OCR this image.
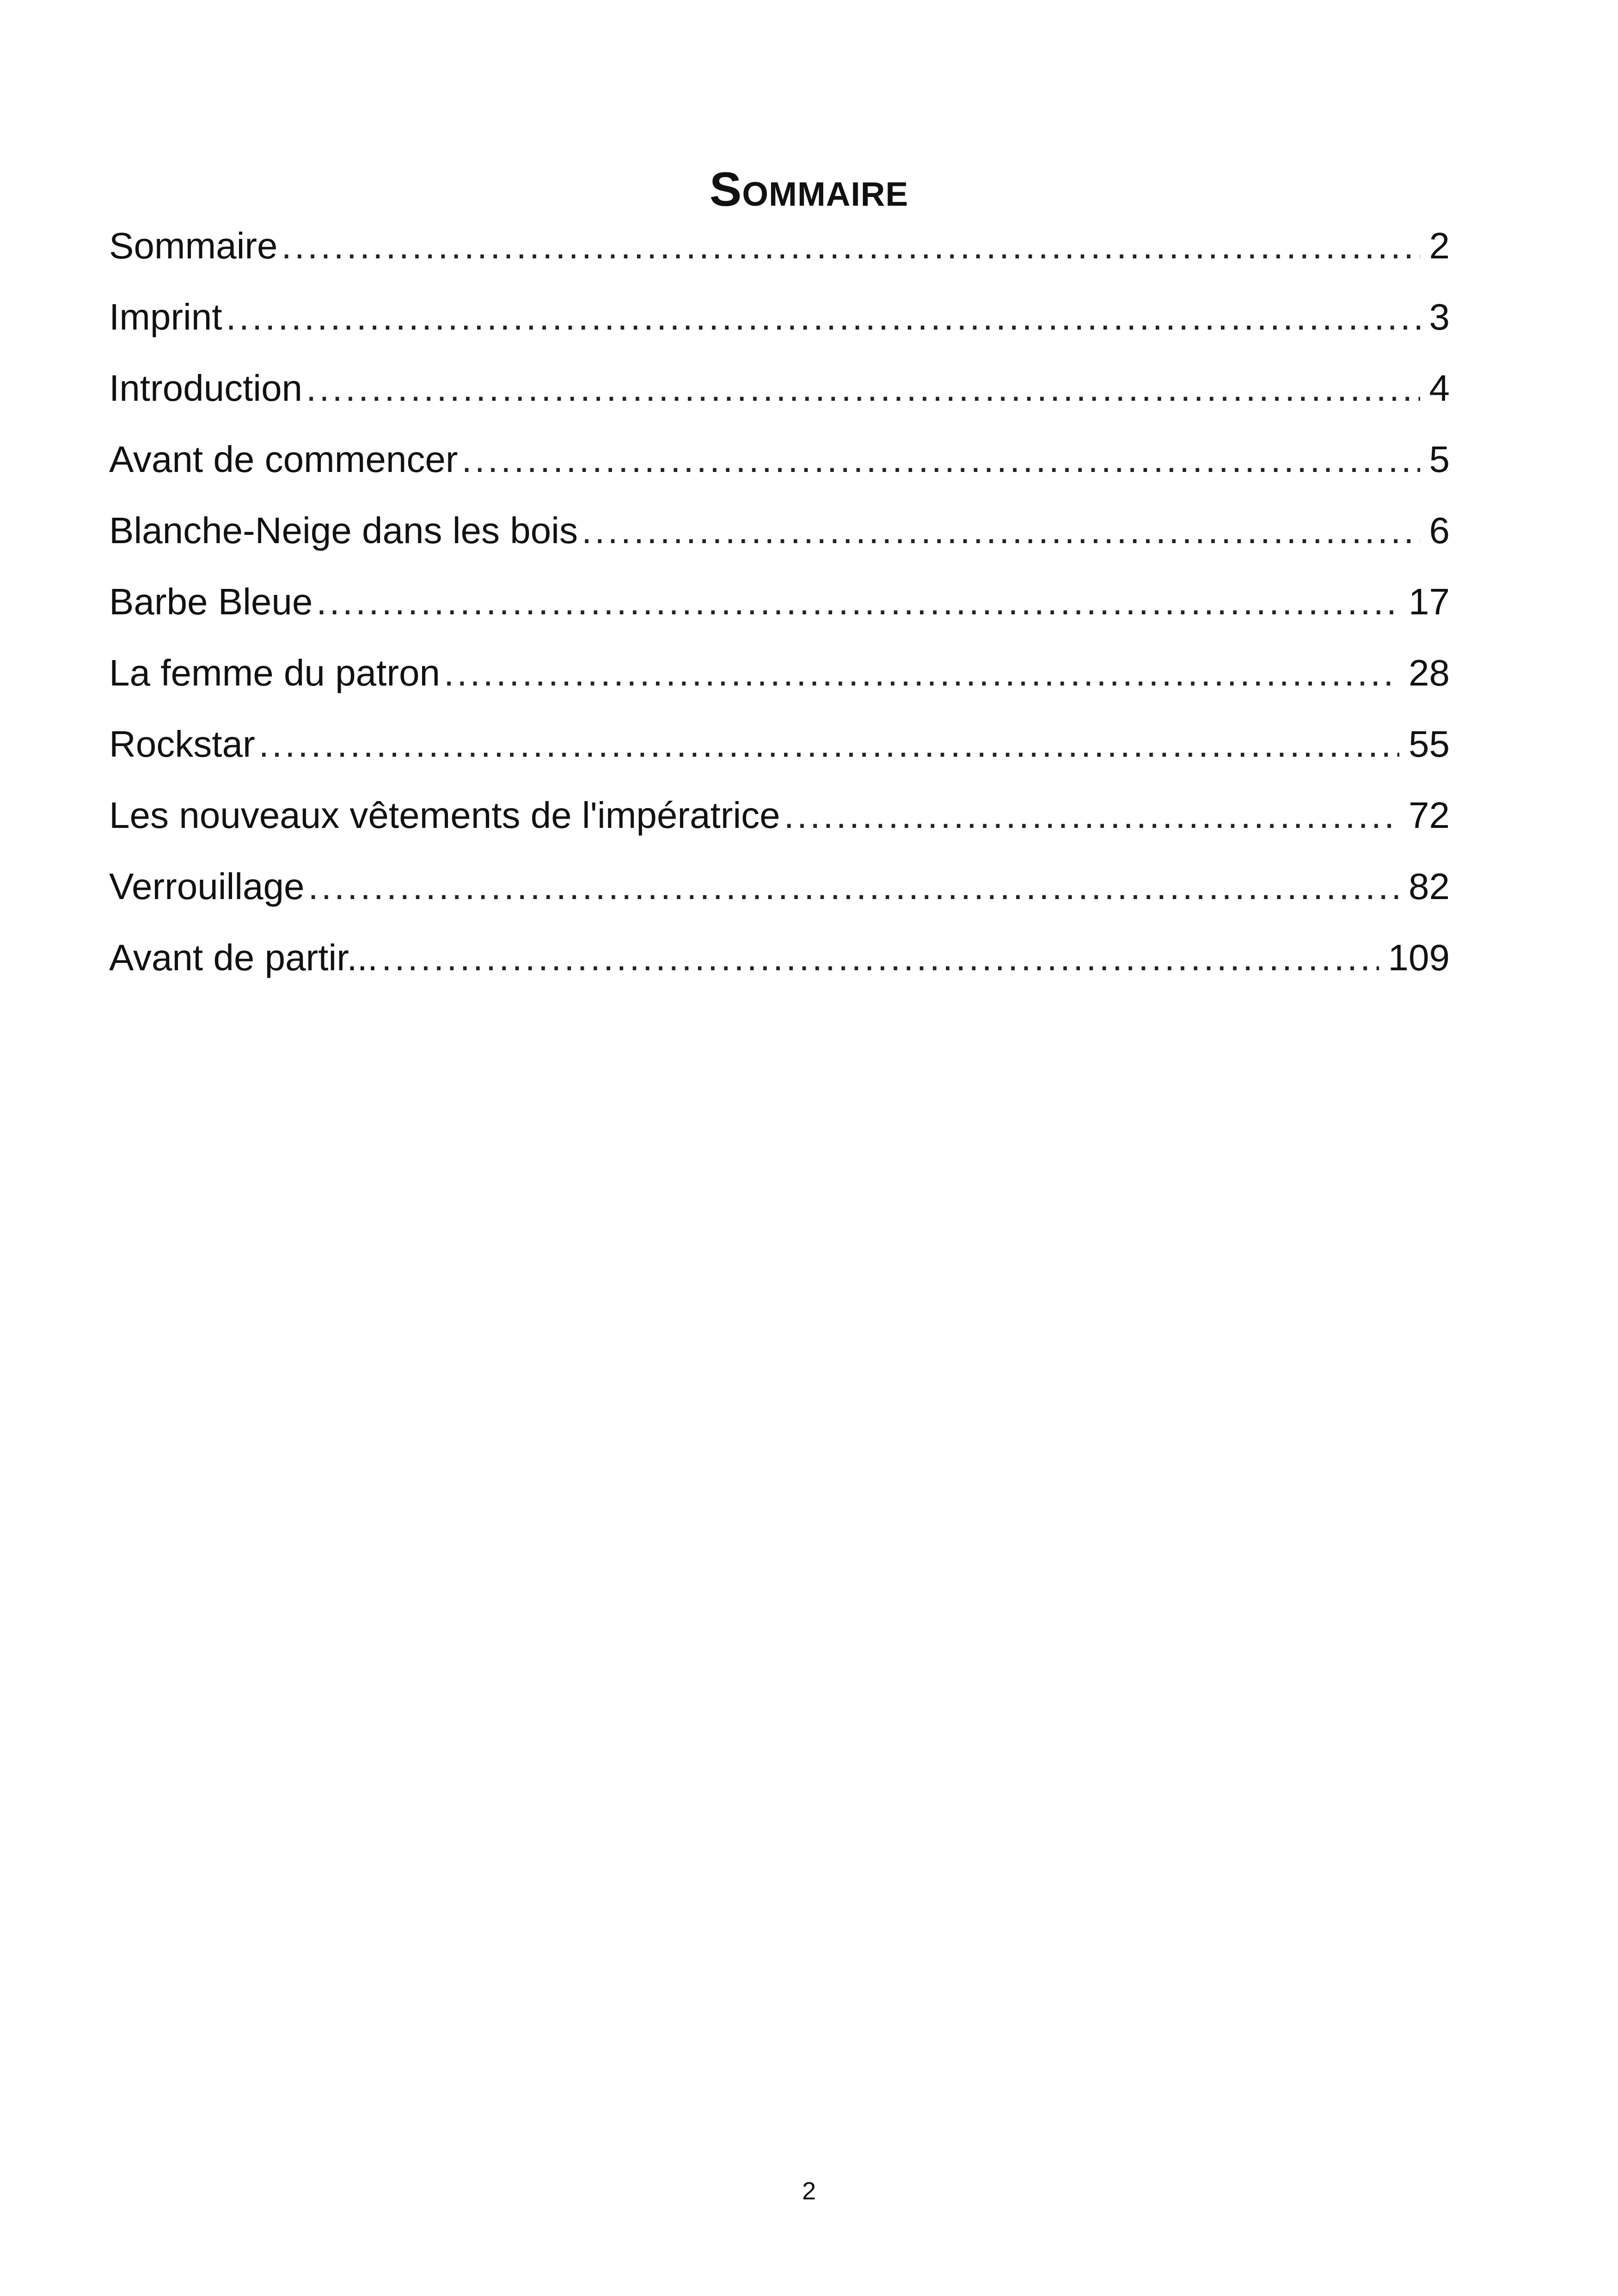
Sommaire
Sommaire .....	2
Imprint .....	3
Introduction .....	4
Avant de commencer .....	5
Blanche-Neige dans les bois .....	6
Barbe Bleue .....	17
La femme du patron .....	28
Rockstar .....	55
Les nouveaux vêtements de l'impératrice .....	72
Verrouillage .....	82
Avant de partir... .....	109
2
